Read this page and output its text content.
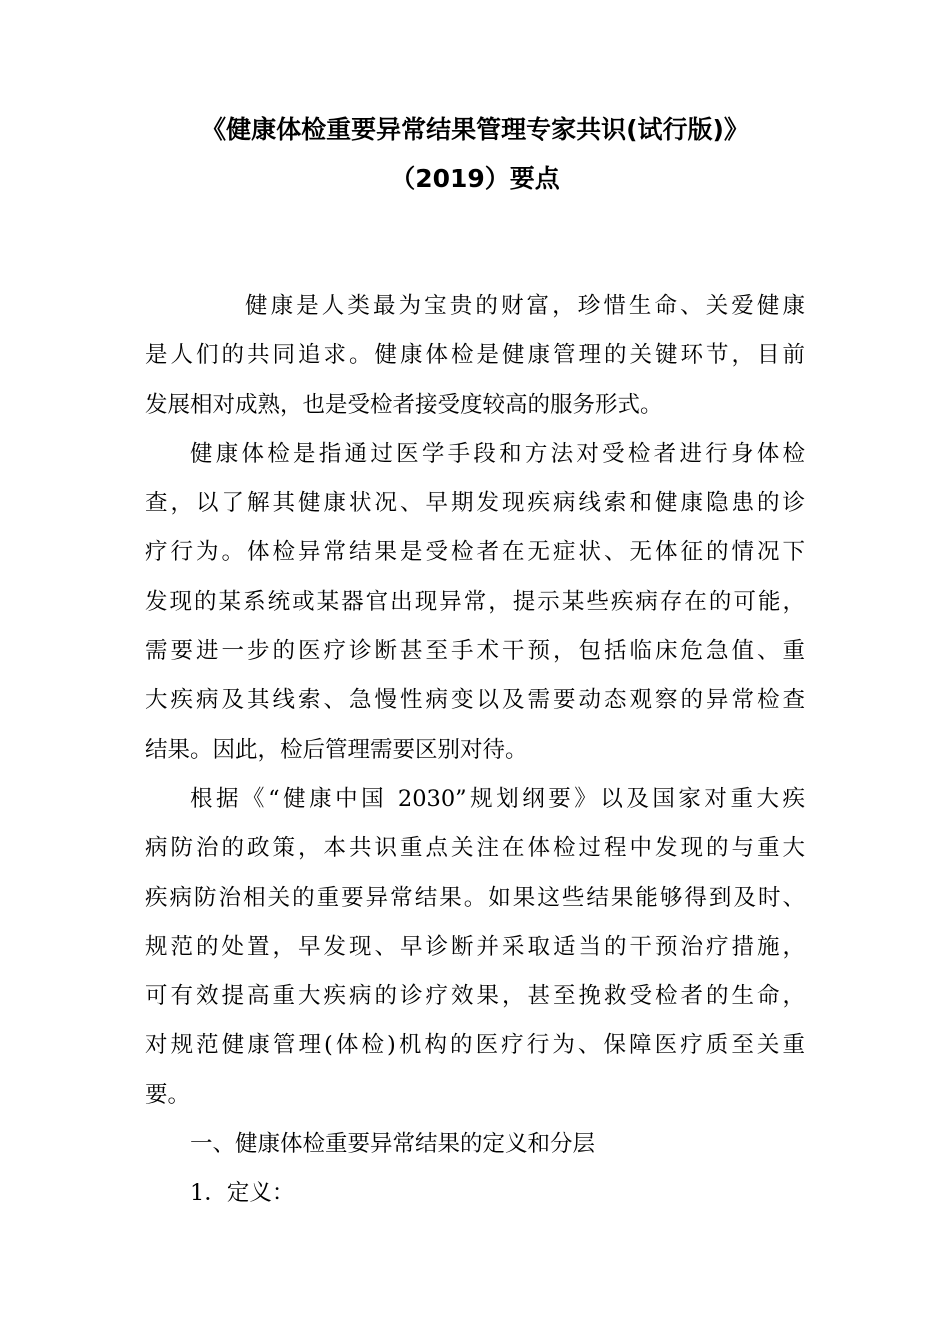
《健康体检重要异常结果管理专家共识(试行版)》
（2019）要点
健康是人类最为宝贵的财富，珍惜生命、关爱健康
是人们的共同追求。健康体检是健康管理的关键环节，目前
发展相对成熟，也是受检者接受度较高的服务形式。
健康体检是指通过医学手段和方法对受检者进行身体检
查，以了解其健康状况、早期发现疾病线索和健康隐患的诊
疗行为。体检异常结果是受检者在无症状、无体征的情况下
发现的某系统或某器官出现异常，提示某些疾病存在的可能，
需要进一步的医疗诊断甚至手术干预，包括临床危急值、重
大疾病及其线索、急慢性病变以及需要动态观察的异常检查
结果。因此，检后管理需要区别对待。
根据《“健康中国 2030”规划纲要》以及国家对重大疾
病防治的政策，本共识重点关注在体检过程中发现的与重大
疾病防治相关的重要异常结果。如果这些结果能够得到及时、
规范的处置，早发现、早诊断并采取适当的干预治疗措施，
可有效提高重大疾病的诊疗效果，甚至挽救受检者的生命，
对规范健康管理(体检)机构的医疗行为、保障医疗质至关重
要。
一、健康体检重要异常结果的定义和分层
1．定义：
